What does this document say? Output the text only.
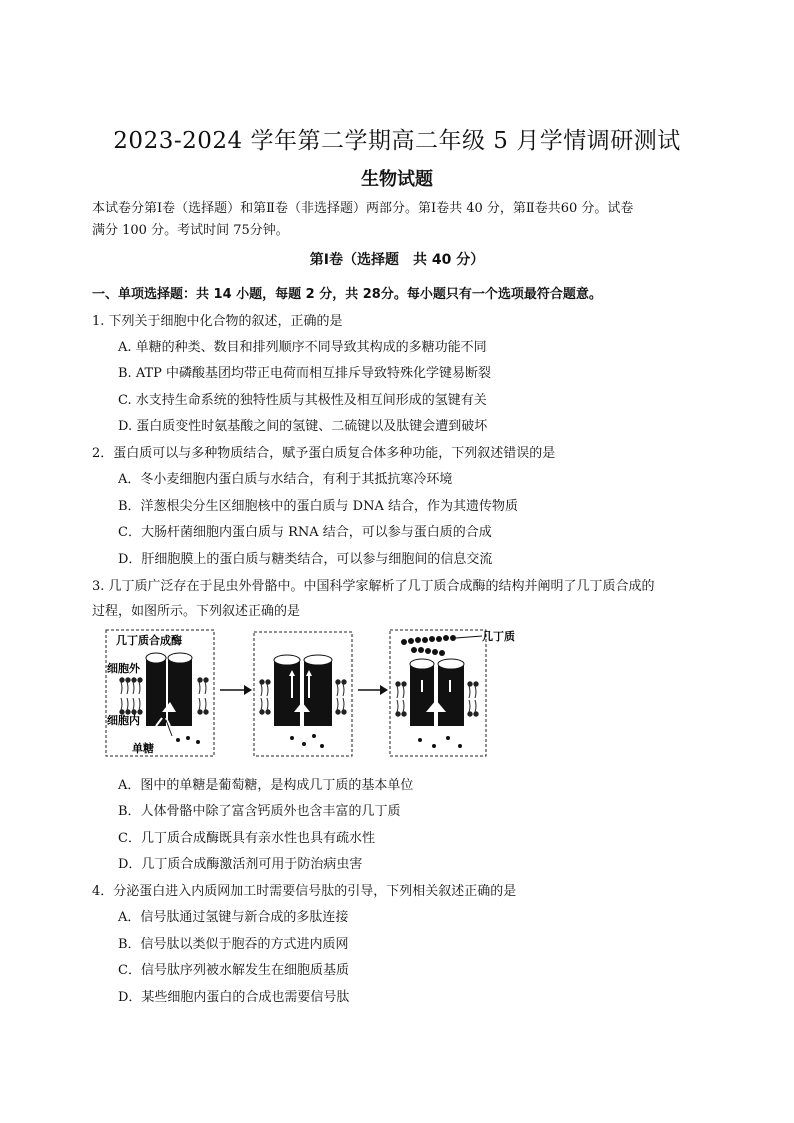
2023-2024 学年第二学期高二年级 5 月学情调研测试
生物试题
本试卷分第Ⅰ卷（选择题）和第Ⅱ卷（非选择题）两部分。第Ⅰ卷共 40 分，第Ⅱ卷共60 分。试卷
满分 100 分。考试时间 75分钟。
第Ⅰ卷（选择题　共 40 分）
一、单项选择题：共 14 小题，每题 2 分，共 28分。每小题只有一个选项最符合题意。
1. 下列关于细胞中化合物的叙述，正确的是
A. 单糖的种类、数目和排列顺序不同导致其构成的多糖功能不同
B. ATP 中磷酸基团均带正电荷而相互排斥导致特殊化学键易断裂
C. 水支持生命系统的独特性质与其极性及相互间形成的氢键有关
D. 蛋白质变性时氨基酸之间的氢键、二硫键以及肽键会遭到破坏
2．蛋白质可以与多种物质结合，赋予蛋白质复合体多种功能，下列叙述错误的是
A．冬小麦细胞内蛋白质与水结合，有利于其抵抗寒冷环境
B．洋葱根尖分生区细胞核中的蛋白质与 DNA 结合，作为其遗传物质
C．大肠杆菌细胞内蛋白质与 RNA 结合，可以参与蛋白质的合成
D．肝细胞膜上的蛋白质与糖类结合，可以参与细胞间的信息交流
3. 几丁质广泛存在于昆虫外骨骼中。中国科学家解析了几丁质合成酶的结构并阐明了几丁质合成的
过程，如图所示。下列叙述正确的是
几丁质合成酶
细胞外
细胞内
单糖
几丁质
A．图中的单糖是葡萄糖，是构成几丁质的基本单位
B．人体骨骼中除了富含钙质外也含丰富的几丁质
C．几丁质合成酶既具有亲水性也具有疏水性
D．几丁质合成酶激活剂可用于防治病虫害
4．分泌蛋白进入内质网加工时需要信号肽的引导，下列相关叙述正确的是
A．信号肽通过氢键与新合成的多肽连接
B．信号肽以类似于胞吞的方式进内质网
C．信号肽序列被水解发生在细胞质基质
D．某些细胞内蛋白的合成也需要信号肽
